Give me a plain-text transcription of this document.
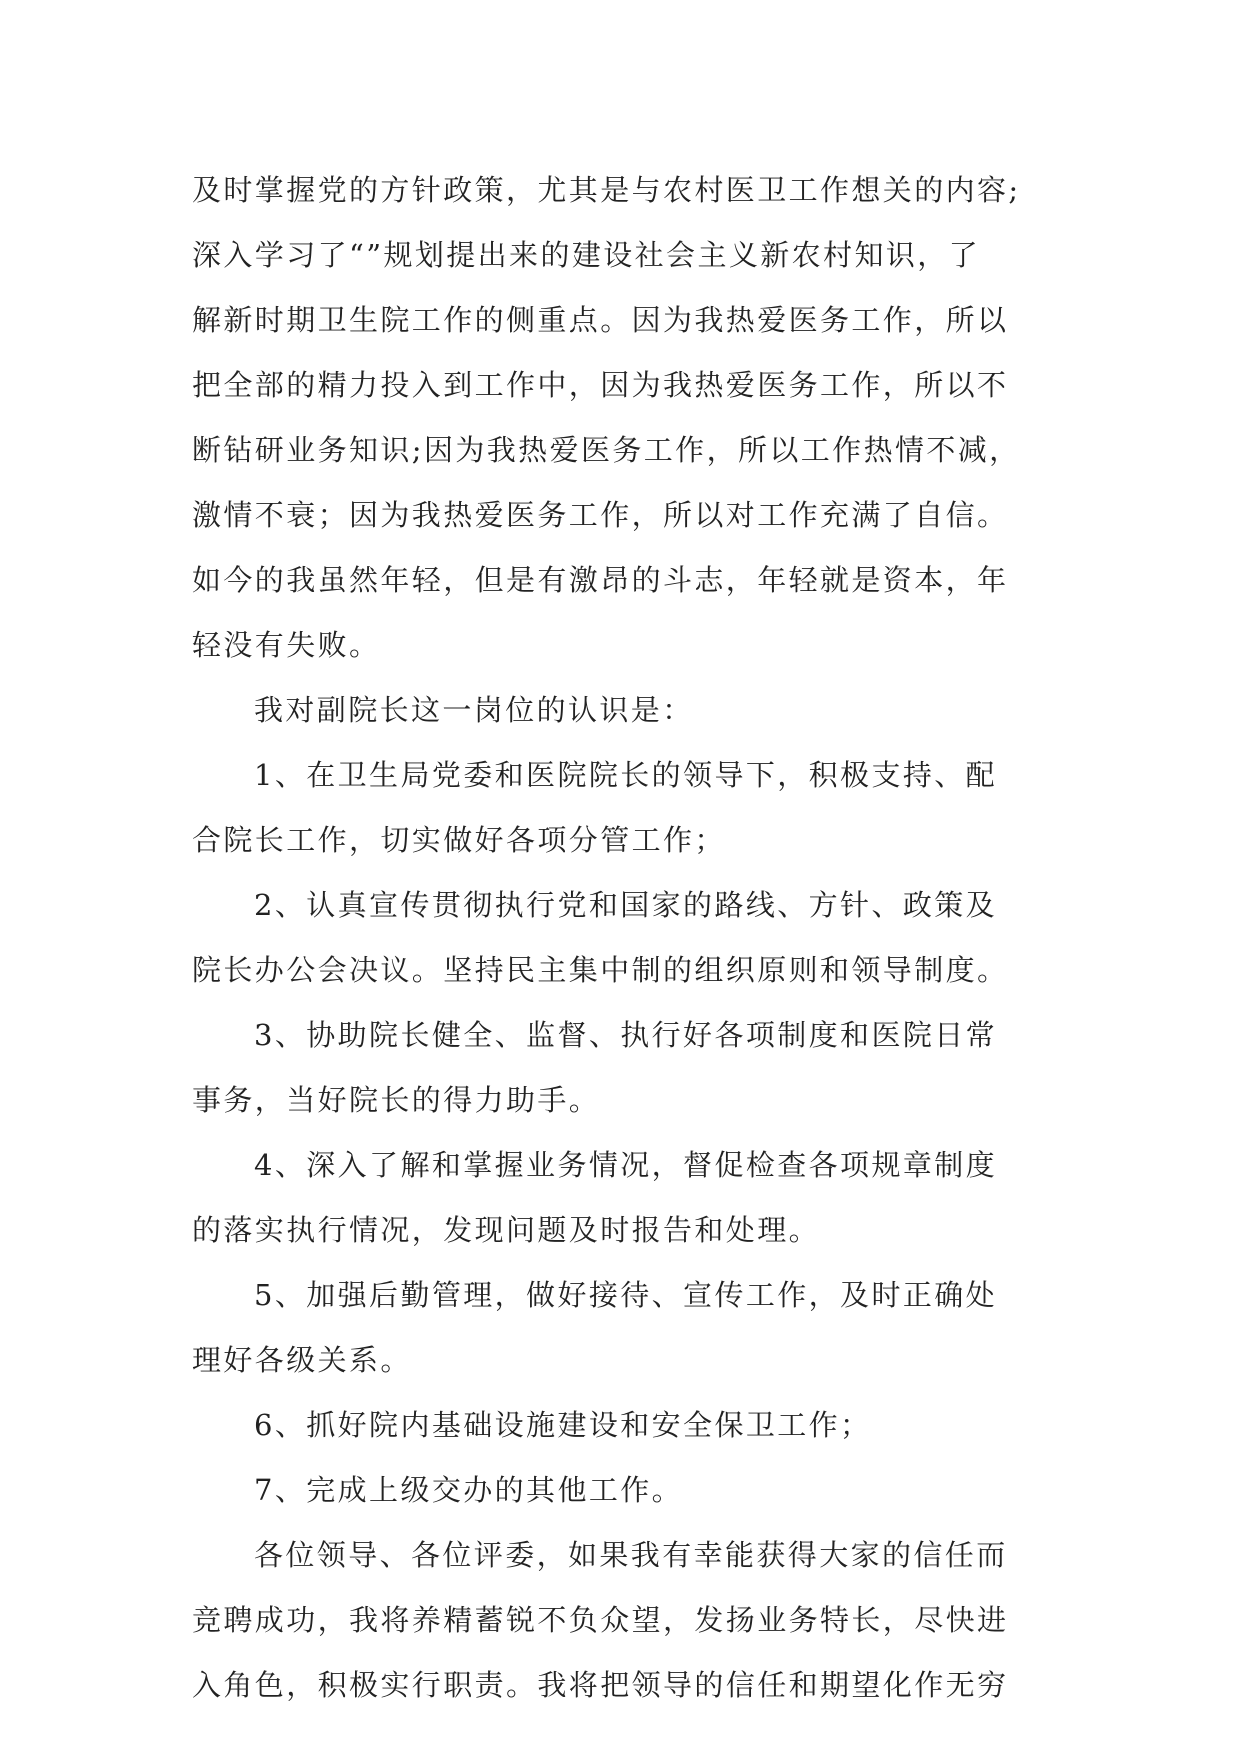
及时掌握党的方针政策，尤其是与农村医卫工作想关的内容;
深入学习了“”规划提出来的建设社会主义新农村知识，了
解新时期卫生院工作的侧重点。因为我热爱医务工作，所以
把全部的精力投入到工作中，因为我热爱医务工作，所以不
断钻研业务知识;因为我热爱医务工作，所以工作热情不减，
激情不衰；因为我热爱医务工作，所以对工作充满了自信。
如今的我虽然年轻，但是有激昂的斗志，年轻就是资本，年
轻没有失败。
我对副院长这一岗位的认识是：
1、在卫生局党委和医院院长的领导下，积极支持、配
合院长工作，切实做好各项分管工作；
2、认真宣传贯彻执行党和国家的路线、方针、政策及
院长办公会决议。坚持民主集中制的组织原则和领导制度。
3、协助院长健全、监督、执行好各项制度和医院日常
事务，当好院长的得力助手。
4、深入了解和掌握业务情况，督促检查各项规章制度
的落实执行情况，发现问题及时报告和处理。
5、加强后勤管理，做好接待、宣传工作，及时正确处
理好各级关系。
6、抓好院内基础设施建设和安全保卫工作；
7、完成上级交办的其他工作。
各位领导、各位评委，如果我有幸能获得大家的信任而
竞聘成功，我将养精蓄锐不负众望，发扬业务特长，尽快进
入角色，积极实行职责。我将把领导的信任和期望化作无穷
